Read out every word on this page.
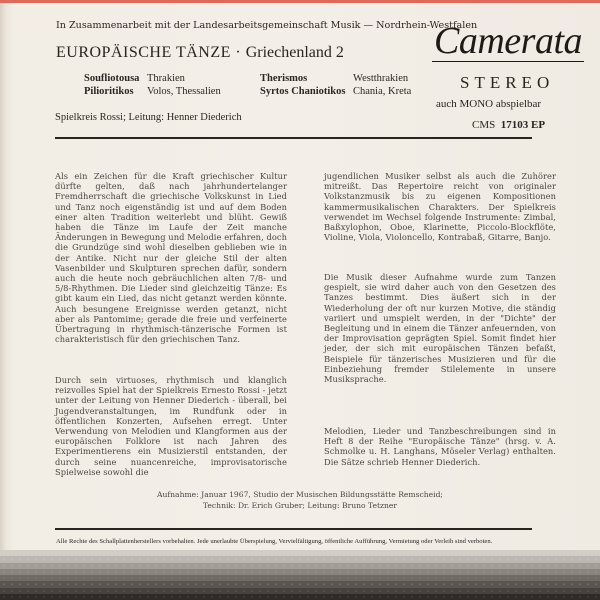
In Zusammenarbeit mit der Landesarbeitsgemeinschaft Musik — Nordrhein-Westfalen
EUROPÄISCHE TÄNZE · Griechenland 2 Camerata
STEREO
auch MONO abspielbar
CMS 17103 EP
Soufliotousa Thrakien
Pilioritikos Volos, Thessalien
Therismos	Westthrakien
Syrtos Chaniotikos Chania, Kreta
Spielkreis Rossi; Leitung: Henner Diederich
Als ein Zeichen für die Kraft griechischer Kultur dürfte gelten, daß nach jahrhundertelanger Fremdherrschaft die griechische Volkskunst in Lied und Tanz noch eigenständig ist und auf dem Boden einer alten Tradition weiterlebt und blüht. Gewiß haben die Tänze im Laufe der Zeit manche Änderungen in Bewegung und Melodie erfahren, doch die Grundzüge sind wohl dieselben geblieben wie in der Antike. Nicht nur der gleiche Stil der alten Vasenbilder und Skulpturen sprechen dafür, sondern auch die heute noch gebräuchlichen alten 7/8- und 5/8-Rhythmen. Die Lieder sind gleichzeitig Tänze: Es gibt kaum ein Lied, das nicht getanzt werden könnte. Auch besungene Ereignisse werden getanzt, nicht aber als Pantomime; gerade die freie und verfeinerte Übertragung in rhythmisch-tänzerische Formen ist charakteristisch für den griechischen Tanz.
Durch sein virtuoses, rhythmisch und klanglich reizvolles Spiel hat der Spielkreis Ernesto Rossi - jetzt unter der Leitung von Henner Diederich - überall, bei Jugendveranstaltungen, im Rundfunk oder in öffentlichen Konzerten, Aufsehen erregt. Unter Verwendung von Melodien und Klangformen aus der europäischen Folklore ist nach Jahren des Experimentierens ein Musizierstil entstanden, der durch seine nuancenreiche, improvisatorische Spielweise sowohl die
jugendlichen Musiker selbst als auch die Zuhörer mitreißt. Das Repertoire reicht von originaler Volkstanzmusik bis zu eigenen Kompositionen kammermusikalischen Charakters. Der Spielkreis verwendet im Wechsel folgende Instrumente: Zimbal, Baßxylophon, Oboe, Klarinette, Piccolo-Blockflöte, Violine, Viola, Violoncello, Kontrabaß, Gitarre, Banjo.
Die Musik dieser Aufnahme wurde zum Tanzen gespielt, sie wird daher auch von den Gesetzen des Tanzes bestimmt. Dies äußert sich in der Wiederholung der oft nur kurzen Motive, die ständig variiert und umspielt werden, in der "Dichte" der Begleitung und in einem die Tänzer anfeuernden, von der Improvisation geprägten Spiel. Somit findet hier jeder, der sich mit europäischen Tänzen befaßt, Beispiele für tänzerisches Musizieren und für die Einbeziehung fremder Stilelemente in unsere Musiksprache.
Melodien, Lieder und Tanzbeschreibungen sind in Heft 8 der Reihe "Europäische Tänze" (hrsg. v. A. Schmolke u. H. Langhans, Möseler Verlag) enthalten. Die Sätze schrieb Henner Diederich.
Aufnahme: Januar 1967, Studio der Musischen Bildungsstätte Remscheid;
Technik: Dr. Erich Gruber; Leitung: Bruno Tetzner
Alle Rechte des Schallplattenherstellers vorbehalten. Jede unerlaubte Überspielung, Vervielfältigung, öffentliche Aufführung, Vermietung oder Verleih sind verboten.
